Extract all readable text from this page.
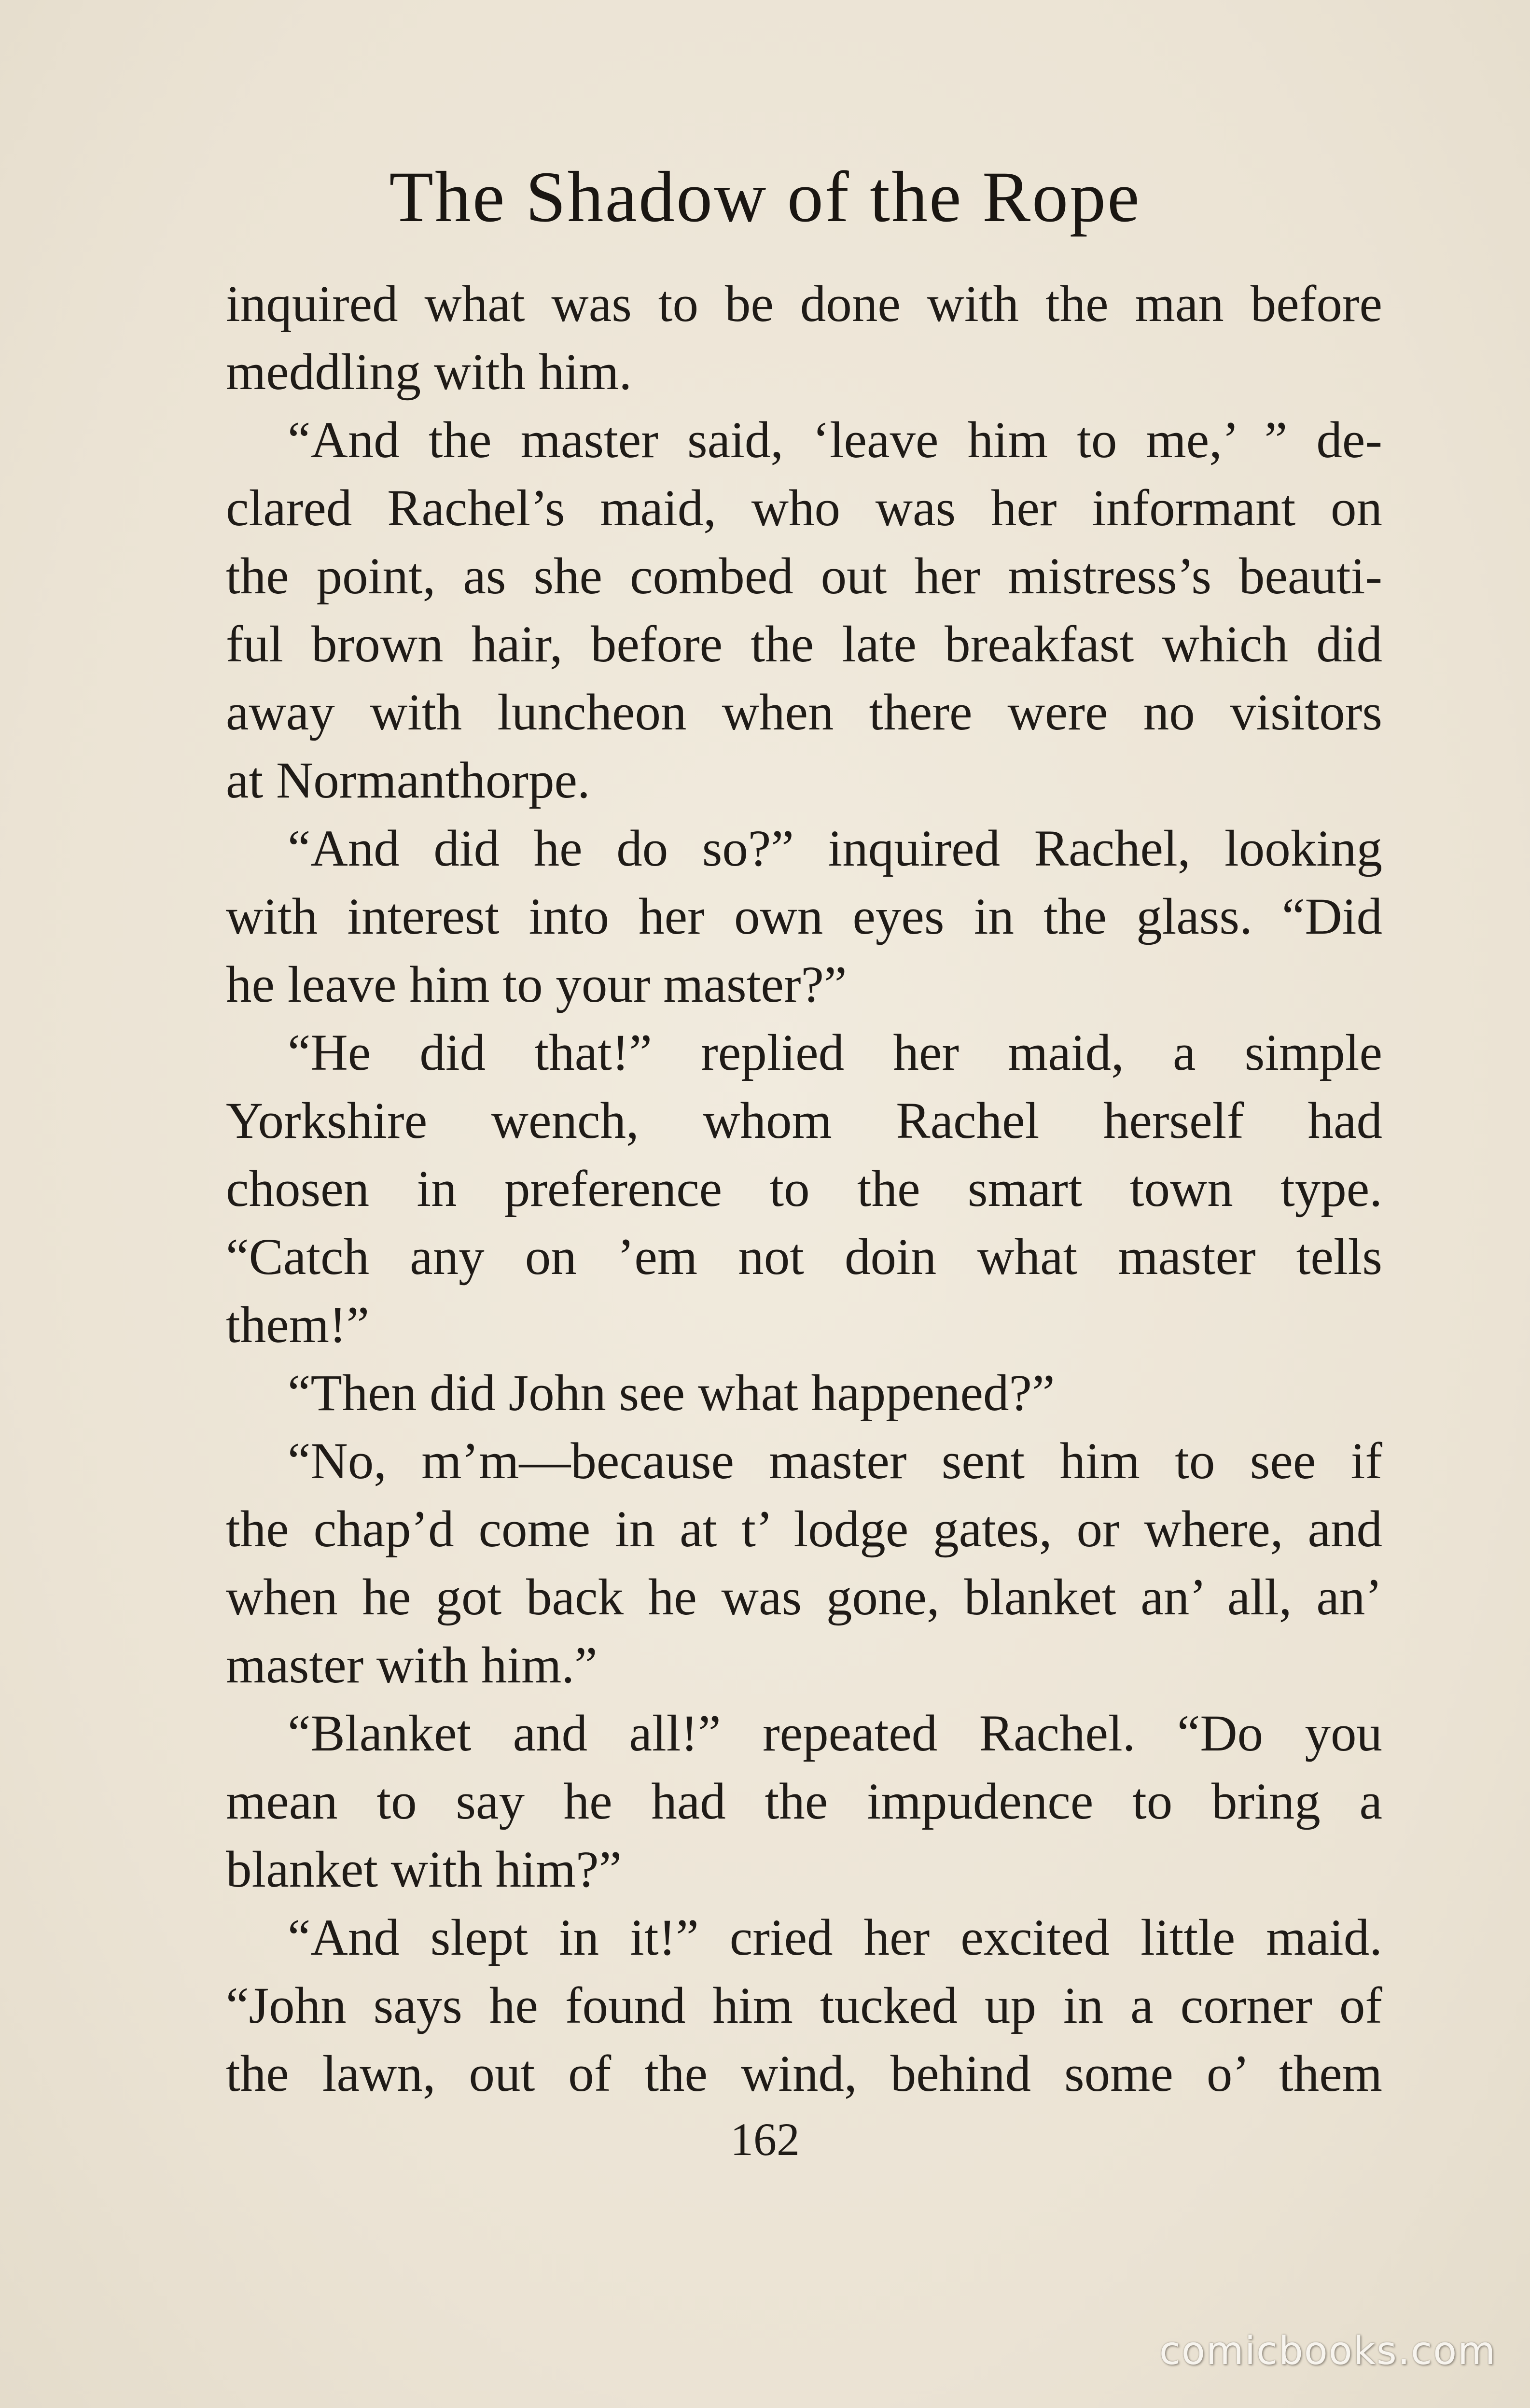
The Shadow of the Rope
inquired what was to be done with the man before
meddling with him.
“And the master said, ‘leave him to me,’ ” de-
clared Rachel’s maid, who was her informant on
the point, as she combed out her mistress’s beauti-
ful brown hair, before the late breakfast which did
away with luncheon when there were no visitors
at Normanthorpe.
“And did he do so?” inquired Rachel, looking
with interest into her own eyes in the glass. “Did
he leave him to your master?”
“He did that!” replied her maid, a simple
Yorkshire wench, whom Rachel herself had
chosen in preference to the smart town type.
“Catch any on ’em not doin what master tells
them!”
“Then did John see what happened?”
“No, m’m—because master sent him to see if
the chap’d come in at t’ lodge gates, or where, and
when he got back he was gone, blanket an’ all, an’
master with him.”
“Blanket and all!” repeated Rachel. “Do you
mean to say he had the impudence to bring a
blanket with him?”
“And slept in it!” cried her excited little maid.
“John says he found him tucked up in a corner of
the lawn, out of the wind, behind some o’ them
162
comicbooks.com
